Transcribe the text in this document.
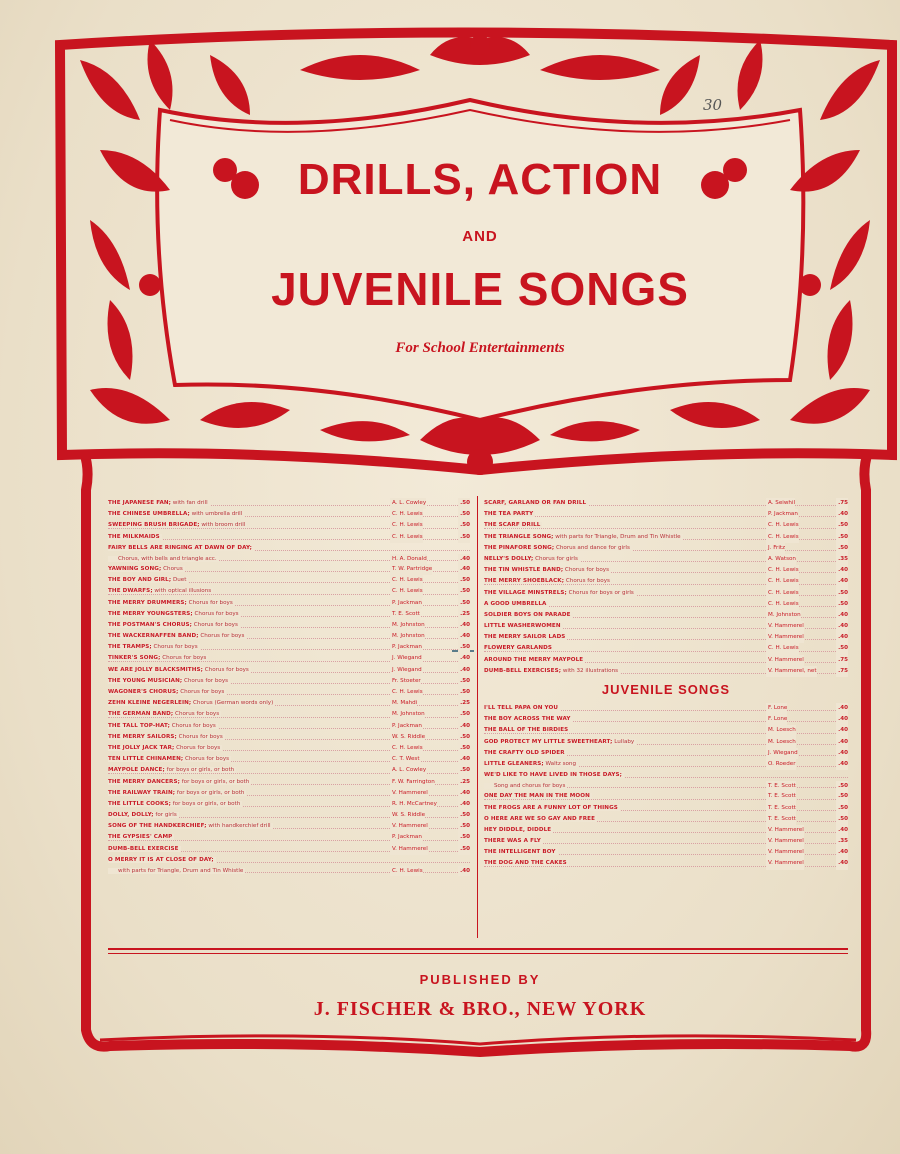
30
DRILLS, ACTION
AND
JUVENILE SONGS
For School Entertainments
THE JAPANESE FAN; with fan drill	A. L. Cowley	.50
THE CHINESE UMBRELLA; with umbrella drill	C. H. Lewis	.50
SWEEPING BRUSH BRIGADE; with broom drill	C. H. Lewis	.50
THE MILKMAIDS	C. H. Lewis	.50
FAIRY BELLS ARE RINGING AT DAWN OF DAY;
Chorus, with bells and triangle acc.	H. A. Donald	.40
YAWNING SONG; Chorus	T. W. Partridge	.40
THE BOY AND GIRL; Duet	C. H. Lewis	.50
THE DWARFS; with optical illusions	C. H. Lewis	.50
THE MERRY DRUMMERS; Chorus for boys	P. Jackman	.50
THE MERRY YOUNGSTERS; Chorus for boys	T. E. Scott	.25
THE POSTMAN'S CHORUS; Chorus for boys	M. Johnston	.40
THE WACKERNAFFEN BAND; Chorus for boys	M. Johnston	.40
THE TRAMPS; Chorus for boys	P. Jackman	.50
TINKER'S SONG; Chorus for boys	J. Wiegand	.40
WE ARE JOLLY BLACKSMITHS; Chorus for boys	J. Wiegand	.40
THE YOUNG MUSICIAN; Chorus for boys	Fr. Stoeter	.50
WAGONER'S CHORUS; Chorus for boys	C. H. Lewis	.50
ZEHN KLEINE NEGERLEIN; Chorus (German words only)	M. Mahdi	.25
THE GERMAN BAND; Chorus for boys	M. Johnston	.50
THE TALL TOP-HAT; Chorus for boys	P. Jackman	.40
THE MERRY SAILORS; Chorus for boys	W. S. Riddle	.50
THE JOLLY JACK TAR; Chorus for boys	C. H. Lewis	.50
TEN LITTLE CHINAMEN; Chorus for boys	C. T. West	.40
MAYPOLE DANCE; for boys or girls, or both	A. L. Cowley	.50
THE MERRY DANCERS; for boys or girls, or both	F. W. Farrington	.25
THE RAILWAY TRAIN; for boys or girls, or both	V. Hammerel	.40
THE LITTLE COOKS; for boys or girls, or both	R. H. McCartney	.40
DOLLY, DOLLY; for girls	W. S. Riddle	.50
SONG OF THE HANDKERCHIEF; with handkerchief drill	V. Hammerel	.50
THE GYPSIES' CAMP	P. Jackman	.50
DUMB-BELL EXERCISE	V. Hammerel	.50
O MERRY IT IS AT CLOSE OF DAY;
with parts for Triangle, Drum and Tin Whistle	C. H. Lewis	.40
SCARF, GARLAND OR FAN DRILL	A. Seiwhil	.75
THE TEA PARTY	P. Jackman	.40
THE SCARF DRILL	C. H. Lewis	.50
THE TRIANGLE SONG; with parts for Triangle, Drum and Tin Whistle	C. H. Lewis	.50
THE PINAFORE SONG; Chorus and dance for girls	J. Fritz	.50
NELLY'S DOLLY; Chorus for girls	A. Watson	.35
THE TIN WHISTLE BAND; Chorus for boys	C. H. Lewis	.40
THE MERRY SHOEBLACK; Chorus for boys	C. H. Lewis	.40
THE VILLAGE MINSTRELS; Chorus for boys or girls	C. H. Lewis	.50
A GOOD UMBRELLA	C. H. Lewis	.50
SOLDIER BOYS ON PARADE	M. Johnston	.40
LITTLE WASHERWOMEN	V. Hammerel	.40
THE MERRY SAILOR LADS	V. Hammerel	.40
FLOWERY GARLANDS	C. H. Lewis	.50
AROUND THE MERRY MAYPOLE	V. Hammerel	.75
DUMB-BELL EXERCISES; with 32 illustrations	V. Hammerel, net	.75
JUVENILE SONGS
I'LL TELL PAPA ON YOU	F. Lone	.40
THE BOY ACROSS THE WAY	F. Lone	.40
THE BALL OF THE BIRDIES	M. Loesch	.40
GOD PROTECT MY LITTLE SWEETHEART; Lullaby	M. Loesch	.40
THE CRAFTY OLD SPIDER	J. Wiegand	.40
LITTLE GLEANERS; Waltz song	O. Roeder	.40
WE'D LIKE TO HAVE LIVED IN THOSE DAYS;
Song and chorus for boys	T. E. Scott	.50
ONE DAY THE MAN IN THE MOON	T. E. Scott	.50
THE FROGS ARE A FUNNY LOT OF THINGS	T. E. Scott	.50
O HERE ARE WE SO GAY AND FREE	T. E. Scott	.50
HEY DIDDLE, DIDDLE	V. Hammerel	.40
THERE WAS A FLY	V. Hammerel	.35
THE INTELLIGENT BOY	V. Hammerel	.40
THE DOG AND THE CAKES	V. Hammerel	.40
PUBLISHED BY
J. FISCHER & BRO., NEW YORK
